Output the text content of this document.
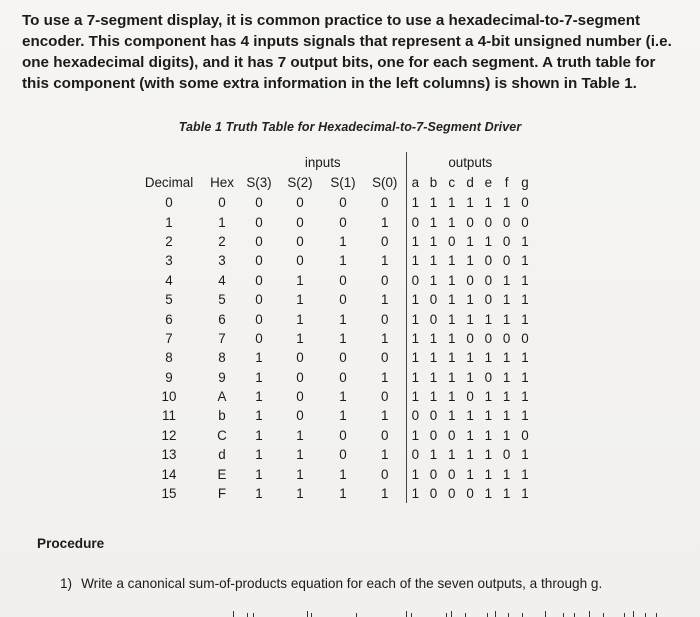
To use a 7-segment display, it is common practice to use a hexadecimal-to-7-segment encoder. This component has 4 inputs signals that represent a 4-bit unsigned number (i.e. one hexadecimal digits), and it has 7 output bits, one for each segment. A truth table for this component (with some extra information in the left columns) is shown in Table 1.

Table 1 Truth Table for Hexadecimal-to-7-Segment Driver
		inputs				outputs						
Decimal	Hex	S(3)	S(2)	S(1)	S(0)	a	b	c	d	e	f	g
0	0	0	0	0	0	1	1	1	1	1	1	0
1	1	0	0	0	1	0	1	1	0	0	0	0
2	2	0	0	1	0	1	1	0	1	1	0	1
3	3	0	0	1	1	1	1	1	1	0	0	1
4	4	0	1	0	0	0	1	1	0	0	1	1
5	5	0	1	0	1	1	0	1	1	0	1	1
6	6	0	1	1	0	1	0	1	1	1	1	1
7	7	0	1	1	1	1	1	1	0	0	0	0
8	8	1	0	0	0	1	1	1	1	1	1	1
9	9	1	0	0	1	1	1	1	1	0	1	1
10	A	1	0	1	0	1	1	1	0	1	1	1
11	b	1	0	1	1	0	0	1	1	1	1	1
12	C	1	1	0	0	1	0	0	1	1	1	0
13	d	1	1	0	1	0	1	1	1	1	0	1
14	E	1	1	1	0	1	0	0	1	1	1	1
15	F	1	1	1	1	1	0	0	0	1	1	1
Procedure
1) Write a canonical sum-of-products equation for each of the seven outputs, a through g.
